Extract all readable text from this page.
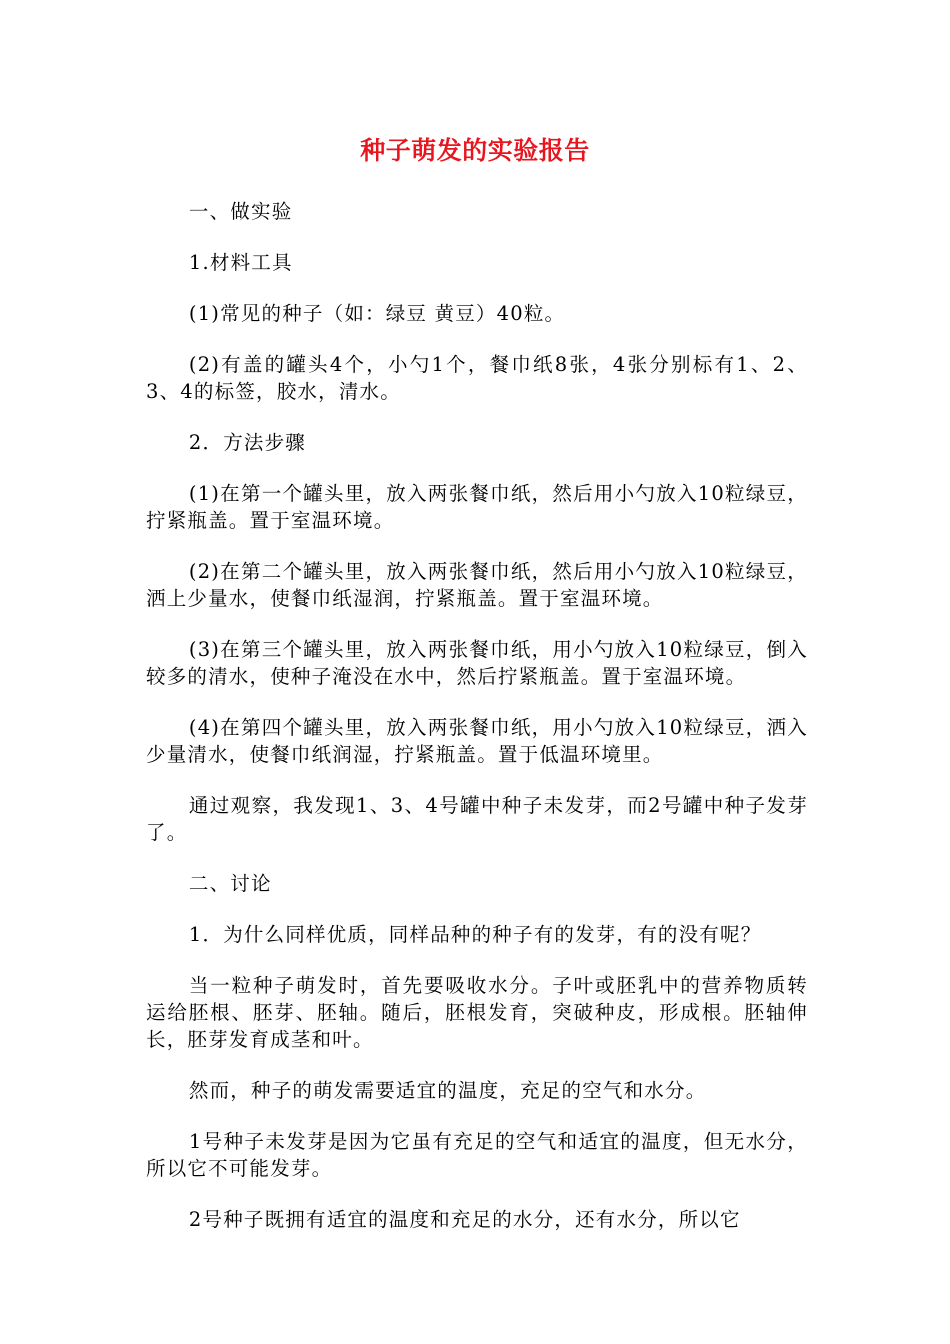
种子萌发的实验报告

一、做实验

1.材料工具

(1)常见的种子（如：绿豆 黄豆）40粒。

(2)有盖的罐头4个，小勺1个，餐巾纸8张，4张分别标有1、2、3、4的标签，胶水，清水。

2．方法步骤

(1)在第一个罐头里，放入两张餐巾纸，然后用小勺放入10粒绿豆，拧紧瓶盖。置于室温环境。

(2)在第二个罐头里，放入两张餐巾纸，然后用小勺放入10粒绿豆，洒上少量水，使餐巾纸湿润，拧紧瓶盖。置于室温环境。

(3)在第三个罐头里，放入两张餐巾纸，用小勺放入10粒绿豆，倒入较多的清水，使种子淹没在水中，然后拧紧瓶盖。置于室温环境。

(4)在第四个罐头里，放入两张餐巾纸，用小勺放入10粒绿豆，洒入少量清水，使餐巾纸润湿，拧紧瓶盖。置于低温环境里。

通过观察，我发现1、3、4号罐中种子未发芽，而2号罐中种子发芽了。

二、讨论

1．为什么同样优质，同样品种的种子有的发芽，有的没有呢？

当一粒种子萌发时，首先要吸收水分。子叶或胚乳中的营养物质转运给胚根、胚芽、胚轴。随后，胚根发育，突破种皮，形成根。胚轴伸长，胚芽发育成茎和叶。

然而，种子的萌发需要适宜的温度，充足的空气和水分。

1号种子未发芽是因为它虽有充足的空气和适宜的温度，但无水分，所以它不可能发芽。

2号种子既拥有适宜的温度和充足的水分，还有水分，所以它
